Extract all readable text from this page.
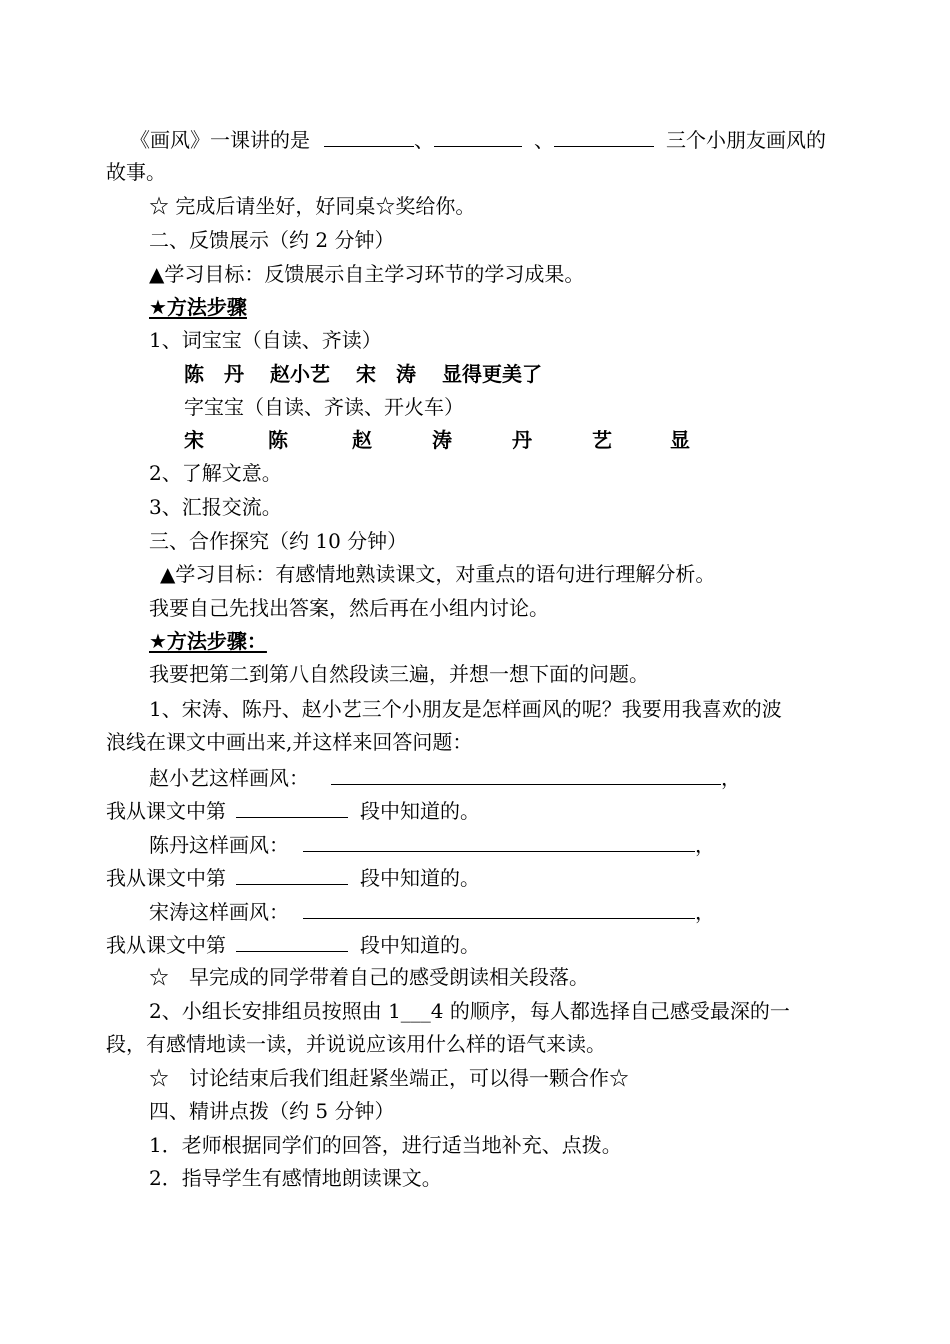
《画风》一课讲的是	、	、	三个小朋友画风的
故事。
☆ 完成后请坐好，好同桌☆奖给你。
二、反馈展示（约 2 分钟）
▲学习目标：反馈展示自主学习环节的学习成果。
★方法步骤
1、词宝宝（自读、齐读）
陈　丹 赵小艺 宋　涛 显得更美了
字宝宝（自读、齐读、开火车）
宋	陈	赵	涛	丹	艺	显
2、了解文意。
3、汇报交流。
三、合作探究（约 10 分钟）
▲学习目标：有感情地熟读课文，对重点的语句进行理解分析。
我要自己先找出答案，然后再在小组内讨论。
★方法步骤：
我要把第二到第八自然段读三遍，并想一想下面的问题。
1、宋涛、陈丹、赵小艺三个小朋友是怎样画风的呢？我要用我喜欢的波
浪线在课文中画出来,并这样来回答问题：
赵小艺这样画风：	，
我从课文中第	段中知道的。
陈丹这样画风：	，
我从课文中第	段中知道的。
宋涛这样画风：	，
我从课文中第	段中知道的。
☆　早完成的同学带着自己的感受朗读相关段落。
2、小组长安排组员按照由 1___4 的顺序，每人都选择自己感受最深的一
段，有感情地读一读，并说说应该用什么样的语气来读。
☆　讨论结束后我们组赶紧坐端正，可以得一颗合作☆
四、精讲点拨（约 5 分钟）
1．老师根据同学们的回答，进行适当地补充、点拨。
2．指导学生有感情地朗读课文。
